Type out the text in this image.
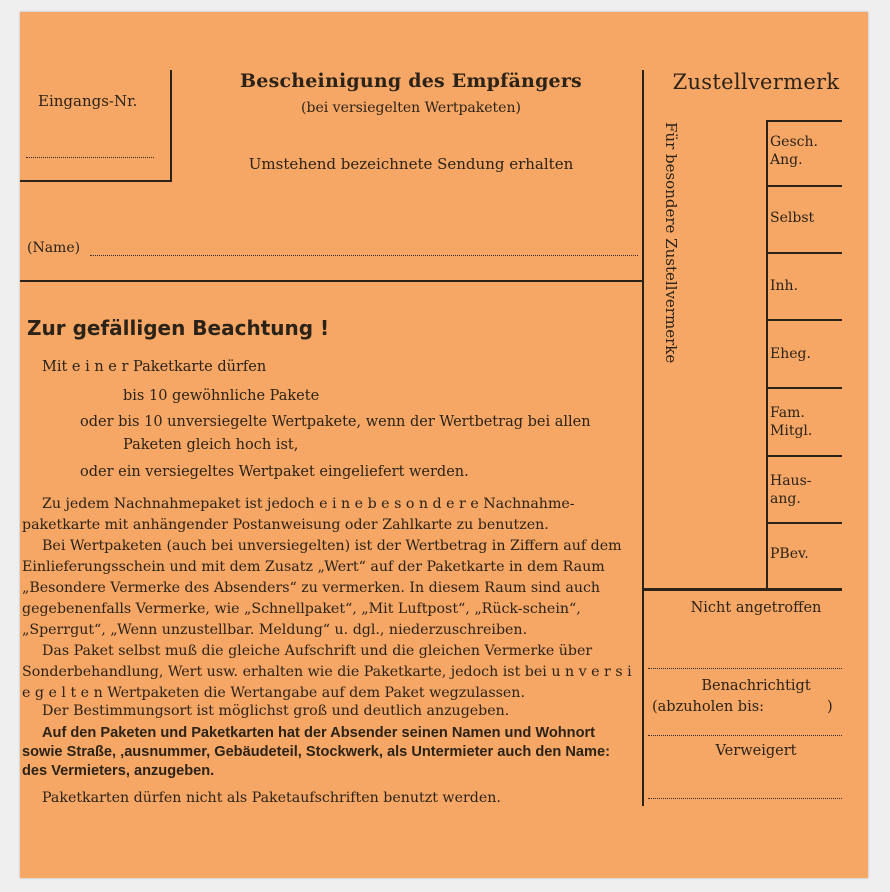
Eingangs-Nr.
Bescheinigung des Empfängers
(bei versiegelten Wertpaketen)
Umstehend bezeichnete Sendung erhalten
(Name)
Zustellvermerk
Für besondere Zustellvermerke	Gesch. Ang.
Selbst
Inh.
Eheg.
Fam. Mitgl.
Haus- ang.
PBev.
Nicht angetroffen
Benachrichtigt
(abzuholen bis:	)
Verweigert
Zur gefälligen Beachtung !
Mit e i n e r Paketkarte dürfen
bis 10 gewöhnliche Pakete
oder bis 10 unversiegelte Wertpakete, wenn der Wertbetrag bei allen
Paketen gleich hoch ist,
oder ein versiegeltes Wertpaket eingeliefert werden.
Zu jedem Nachnahmepaket ist jedoch e i n e b e s o n d e r e Nachnahme-paketkarte mit anhängender Postanweisung oder Zahlkarte zu benutzen.
Bei Wertpaketen (auch bei unversiegelten) ist der Wertbetrag in Ziffern auf dem Einlieferungsschein und mit dem Zusatz „Wert“ auf der Paketkarte in dem Raum „Besondere Vermerke des Absenders“ zu vermerken. In diesem Raum sind auch gegebenenfalls Vermerke, wie „Schnellpaket“, „Mit Luftpost“, „Rück-schein“, „Sperrgut“, „Wenn unzustellbar. Meldung“ u. dgl., niederzuschreiben.
Das Paket selbst muß die gleiche Aufschrift und die gleichen Vermerke über Sonderbehandlung, Wert usw. erhalten wie die Paketkarte, jedoch ist bei u n v e r s i e g e l t e n Wertpaketen die Wertangabe auf dem Paket wegzulassen.
Der Bestimmungsort ist möglichst groß und deutlich anzugeben.
Auf den Paketen und Paketkarten hat der Absender seinen Namen und Wohnort sowie Straße, ‚ausnummer, Gebäudeteil, Stockwerk, als Untermieter auch den Name: des Vermieters, anzugeben.
Paketkarten dürfen nicht als Paketaufschriften benutzt werden.
